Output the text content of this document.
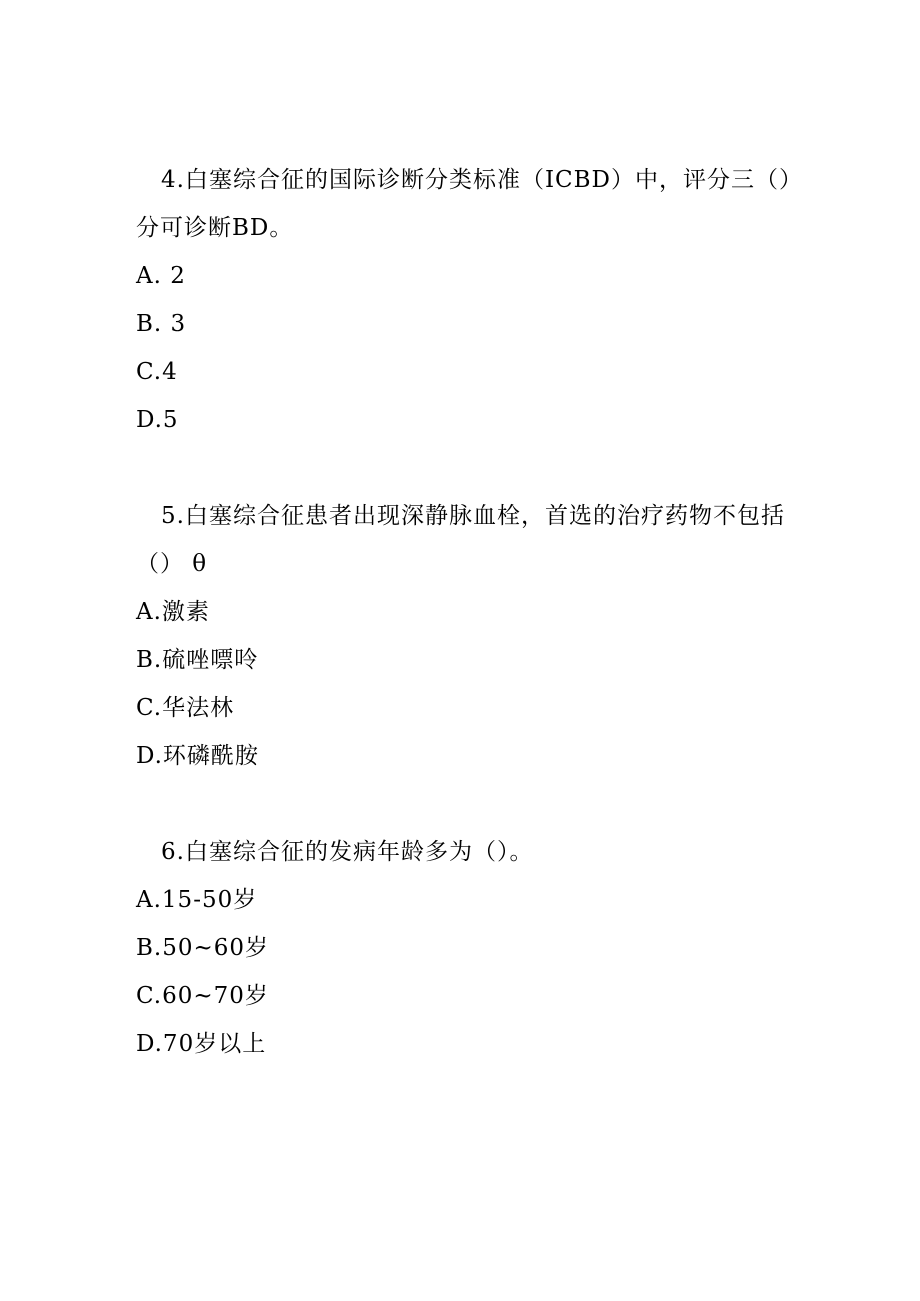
4.白塞综合征的国际诊断分类标准（ICBD）中，评分三（）分可诊断BD。

A. 2
B. 3
C.4
D.5

5.白塞综合征患者出现深静脉血栓，首选的治疗药物不包括（） θ

A.激素
B.硫唑嘌呤
C.华法林
D.环磷酰胺

6.白塞综合征的发病年龄多为（）。

A.15-50岁
B.50~60岁
C.60~70岁
D.70岁以上
